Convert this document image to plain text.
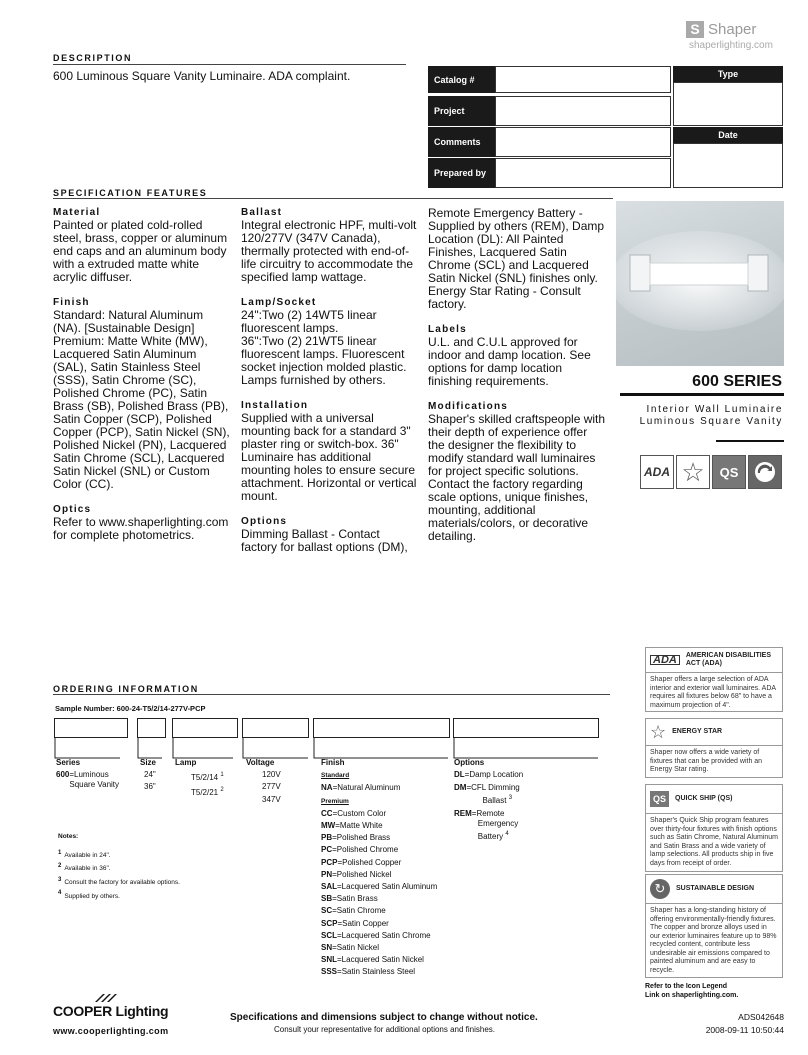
S Shaper
shaperlighting.com
DESCRIPTION
600 Luminous Square Vanity Luminaire. ADA complaint.	Catalog #
Project
Comments
Prepared by
Type
Date
SPECIFICATION FEATURES
Material

Painted or plated cold-rolled steel, brass, copper or aluminum end caps and an aluminum body with a extruded matte white acrylic diffuser.

Finish

Standard: Natural Aluminum (NA). [Sustainable Design] Premium: Matte White (MW), Lacquered Satin Aluminum (SAL), Satin Stainless Steel (SSS), Satin Chrome (SC), Polished Chrome (PC), Satin Brass (SB), Polished Brass (PB), Satin Copper (SCP), Polished Copper (PCP), Satin Nickel (SN), Polished Nickel (PN), Lacquered Satin Chrome (SCL), Lacquered Satin Nickel (SNL) or Custom Color (CC).

Optics

Refer to www.shaperlighting.com for complete photometrics.

Ballast

Integral electronic HPF, multi-volt 120/277V (347V Canada), thermally protected with end-of-life circuitry to accommodate the specified lamp wattage.

Lamp/Socket

24":Two (2) 14WT5 linear fluorescent lamps.
36":Two (2) 21WT5 linear fluorescent lamps. Fluorescent socket injection molded plastic. Lamps furnished by others.

Installation

Supplied with a universal mounting back for a standard 3" plaster ring or switch-box. 36" Luminaire has additional mounting holes to ensure secure attachment. Horizontal or vertical mount.

Options

Dimming Ballast - Contact factory for ballast options (DM),

Remote Emergency Battery - Supplied by others (REM), Damp Location (DL): All Painted Finishes, Lacquered Satin Chrome (SCL) and Lacquered Satin Nickel (SNL) finishes only. Energy Star Rating - Consult factory.

Labels

U.L. and C.U.L approved for indoor and damp location. See options for damp location finishing requirements.

Modifications

Shaper's skilled craftspeople with their depth of experience offer the designer the flexibility to modify standard wall luminaires for project specific solutions. Contact the factory regarding scale options, unique finishes, mounting, additional materials/colors, or decorative detailing.

600 SERIES
Interior Wall Luminaire
Luminous Square Vanity
ADA ☆	QS
ADA	AMERICAN DISABILITIES ACT (ADA)
Shaper offers a large selection of ADA interior and exterior wall luminaires. ADA requires all fixtures below 68" to have a maximum projection of 4".
☆ ENERGY STAR
Shaper now offers a wide variety of fixtures that can be provided with an Energy Star rating.
QS	QUICK SHIP (QS)
Shaper's Quick Ship program features over thirty-four fixtures with finish options such as Satin Chrome, Natural Aluminum and Satin Brass and a wide variety of lamp selections. All products ship in five days from receipt of order.
↻	SUSTAINABLE DESIGN
Shaper has a long-standing history of offering environmentally-friendly fixtures. The copper and bronze alloys used in our exterior luminaires feature up to 98% recycled content, contribute less undesirable air emissions compared to painted aluminum and are easy to recycle.
Refer to the Icon Legend
Link on shaperlighting.com.
ORDERING INFORMATION
Sample Number: 600-24-T5/2/14-277V-PCP
Series

600 =Luminous Square Vanity
Size
24"
36"
Lamp
T5/2/14 $^1$
T5/2/21 $^2$
Voltage
120V
277V
347V
Finish
Standard
NA=Natural Aluminum
Premium
CC=Custom Color
MW=Matte White
PB=Polished Brass
PC=Polished Chrome
PCP=Polished Copper
PN=Polished Nickel
SAL=Lacquered Satin Aluminum
SB=Satin Brass
SC=Satin Chrome
SCP=Satin Copper
SCL=Lacquered Satin Chrome
SN=Satin Nickel
SNL=Lacquered Satin Nickel
SSS=Satin Stainless Steel
Options

DL=Damp Location
DM =CFL Dimming
Ballast $^3$
REM =Remote
Emergency
Battery $^4$
Notes:
1 Available in 24".
2 Available in 36".
3 Consult the factory for available options.
4 Supplied by others.
COOPER Lighting
www.cooperlighting.com
Specifications and dimensions subject to change without notice.
Consult your representative for additional options and finishes.
ADS042648
2008-09-11 10:50:44
